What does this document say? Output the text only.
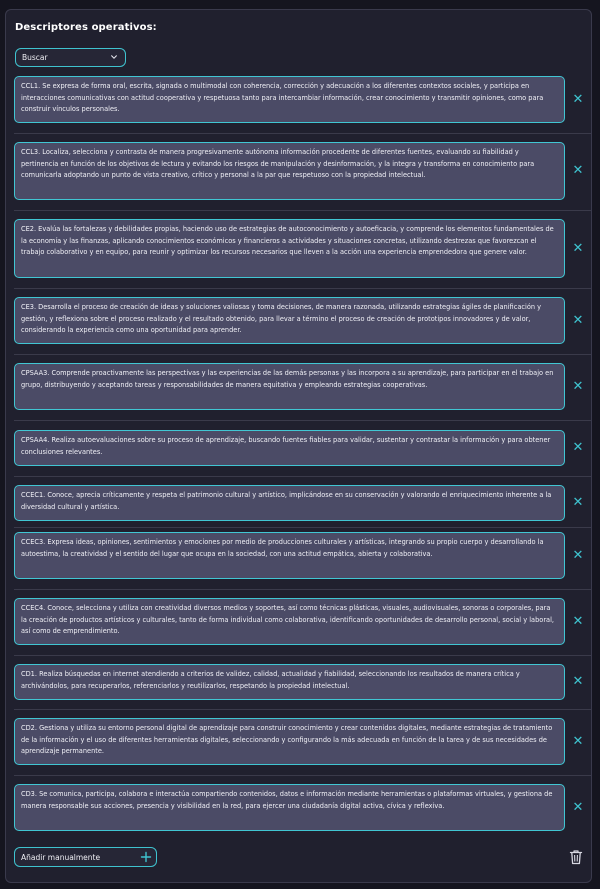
Descriptores operativos:
Buscar
CCL1. Se expresa de forma oral, escrita, signada o multimodal con coherencia, corrección y adecuación a los diferentes contextos sociales, y participa en interacciones comunicativas con actitud cooperativa y respetuosa tanto para intercambiar información, crear conocimiento y transmitir opiniones, como para construir vínculos personales.
✕
CCL3. Localiza, selecciona y contrasta de manera progresivamente autónoma información procedente de diferentes fuentes, evaluando su fiabilidad y pertinencia en función de los objetivos de lectura y evitando los riesgos de manipulación y desinformación, y la integra y transforma en conocimiento para comunicarla adoptando un punto de vista creativo, crítico y personal a la par que respetuoso con la propiedad intelectual.	✕
CE2. Evalúa las fortalezas y debilidades propias, haciendo uso de estrategias de autoconocimiento y autoeficacia, y comprende los elementos fundamentales de la economía y las finanzas, aplicando conocimientos económicos y financieros a actividades y situaciones concretas, utilizando destrezas que favorezcan el trabajo colaborativo y en equipo, para reunir y optimizar los recursos necesarios que lleven a la acción una experiencia emprendedora que genere valor.	✕
CE3. Desarrolla el proceso de creación de ideas y soluciones valiosas y toma decisiones, de manera razonada, utilizando estrategias ágiles de planificación y gestión, y reflexiona sobre el proceso realizado y el resultado obtenido, para llevar a término el proceso de creación de prototipos innovadores y de valor, considerando la experiencia como una oportunidad para aprender.
✕
CPSAA3. Comprende proactivamente las perspectivas y las experiencias de las demás personas y las incorpora a su aprendizaje, para participar en el trabajo en grupo, distribuyendo y aceptando tareas y responsabilidades de manera equitativa y empleando estrategias cooperativas.	✕
CPSAA4. Realiza autoevaluaciones sobre su proceso de aprendizaje, buscando fuentes fiables para validar, sustentar y contrastar la información y para obtener conclusiones relevantes.	✕
CCEC1. Conoce, aprecia críticamente y respeta el patrimonio cultural y artístico, implicándose en su conservación y valorando el enriquecimiento inherente a la diversidad cultural y artística.	✕
CCEC3. Expresa ideas, opiniones, sentimientos y emociones por medio de producciones culturales y artísticas, integrando su propio cuerpo y desarrollando la autoestima, la creatividad y el sentido del lugar que ocupa en la sociedad, con una actitud empática, abierta y colaborativa.	✕
CCEC4. Conoce, selecciona y utiliza con creatividad diversos medios y soportes, así como técnicas plásticas, visuales, audiovisuales, sonoras o corporales, para la creación de productos artísticos y culturales, tanto de forma individual como colaborativa, identificando oportunidades de desarrollo personal, social y laboral, así como de emprendimiento.
✕
CD1. Realiza búsquedas en internet atendiendo a criterios de validez, calidad, actualidad y fiabilidad, seleccionando los resultados de manera crítica y archivándolos, para recuperarlos, referenciarlos y reutilizarlos, respetando la propiedad intelectual.	✕
CD2. Gestiona y utiliza su entorno personal digital de aprendizaje para construir conocimiento y crear contenidos digitales, mediante estrategias de tratamiento de la información y el uso de diferentes herramientas digitales, seleccionando y configurando la más adecuada en función de la tarea y de sus necesidades de aprendizaje permanente.
✕
CD3. Se comunica, participa, colabora e interactúa compartiendo contenidos, datos e información mediante herramientas o plataformas virtuales, y gestiona de manera responsable sus acciones, presencia y visibilidad en la red, para ejercer una ciudadanía digital activa, cívica y reflexiva.	✕
Añadir manualmente
